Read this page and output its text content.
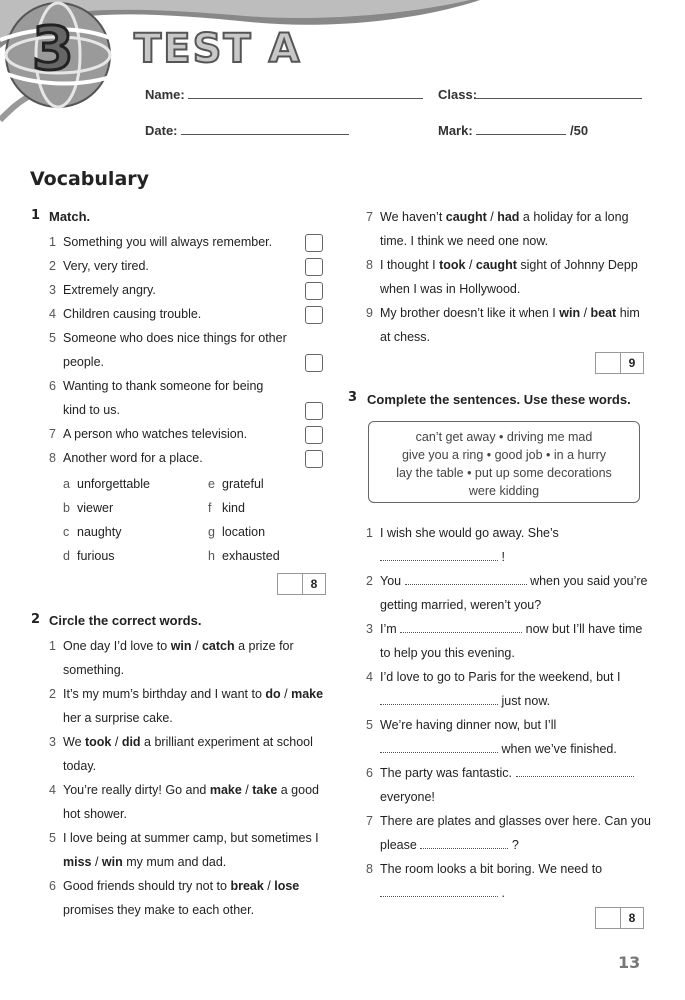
3 TEST A
Name:	Class:
Date:	Mark:	/50
Vocabulary
1 Match.
1 Something you will always remember.
2 Very, very tired.
3 Extremely angry.
4 Children causing trouble.
5 Someone who does nice things for other
people.
6 Wanting to thank someone for being
kind to us.
7 A person who watches television.
8 Another word for a place.
a unforgettable	e grateful
b viewer	f kind
c naughty	g location
d furious	h exhausted
8
2 Circle the correct words.
1 One day I’d love to win / catch a prize for
something.
2 It’s my mum’s birthday and I want to do / make
her a surprise cake.
3 We took / did a brilliant experiment at school
today.
4 You’re really dirty! Go and make / take a good
hot shower.
5 I love being at summer camp, but sometimes I
miss / win my mum and dad.
6 Good friends should try not to break / lose
promises they make to each other.
7 We haven’t caught / had a holiday for a long
time. I think we need one now.
8 I thought I took / caught sight of Johnny Depp
when I was in Hollywood.
9 My brother doesn’t like it when I win / beat him
at chess.
9
3 Complete the sentences. Use these words.
can’t get away • driving me mad
give you a ring • good job • in a hurry
lay the table • put up some decorations
were kidding
1 I wish she would go away. She’s
!
2 You	when you said you’re
getting married, weren’t you?
3 I’m	now but I’ll have time
to help you this evening.
4 I’d love to go to Paris for the weekend, but I
just now.
5 We’re having dinner now, but I’ll
when we’ve finished.
6 The party was fantastic.
everyone!
7 There are plates and glasses over here. Can you
please	?
8 The room looks a bit boring. We need to
.
8
13
